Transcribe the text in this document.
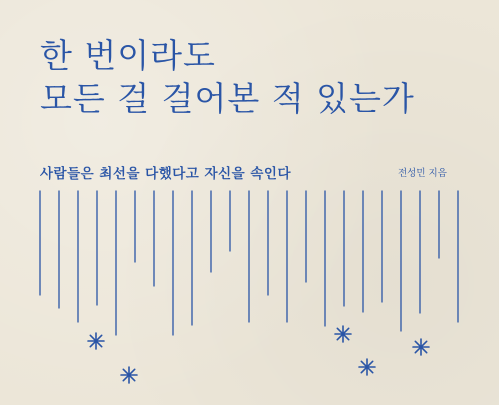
한 번이라도
모든 걸 걸어본 적 있는가
사람들은 최선을 다했다고 자신을 속인다	전성민 지음
